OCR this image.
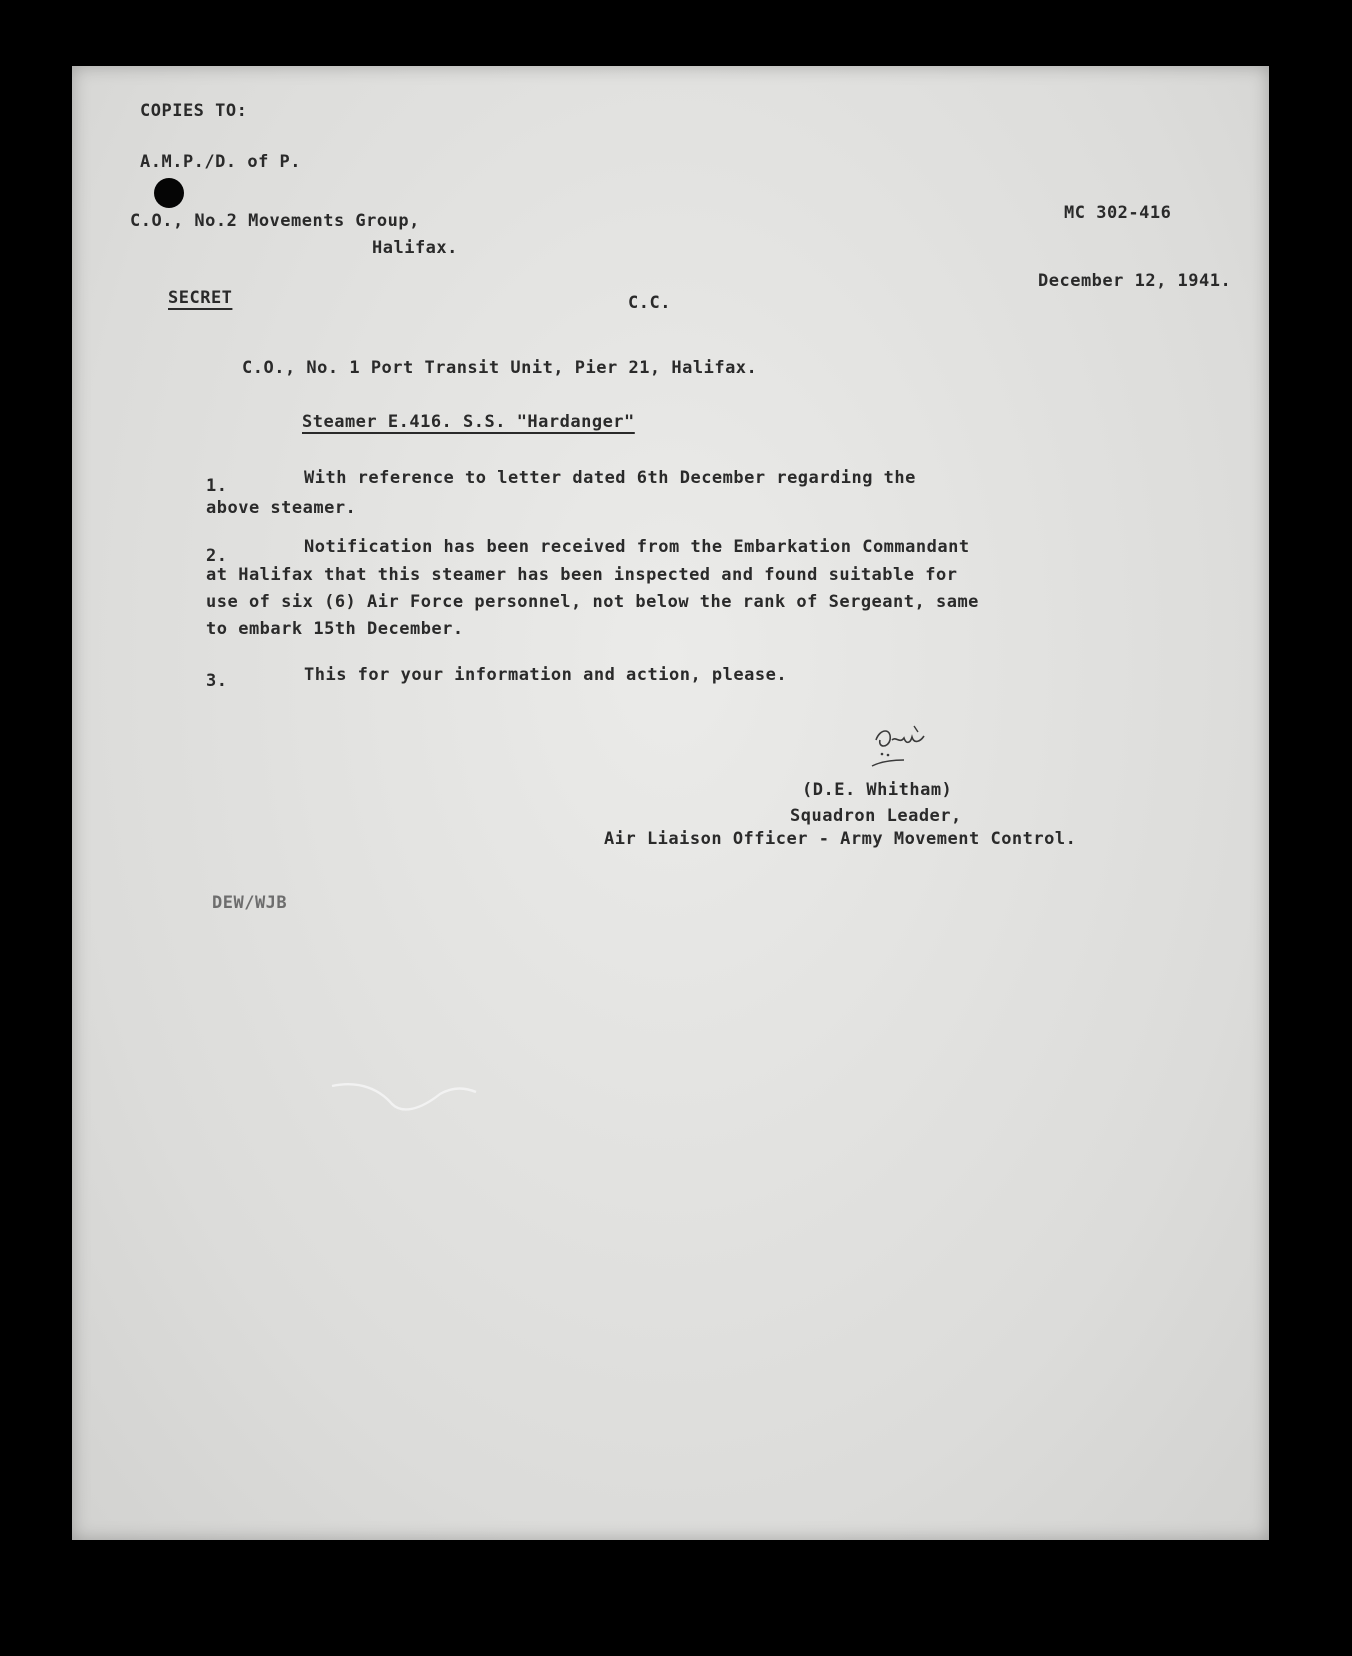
COPIES TO:
A.M.P./D. of P.
C.O., No.2 Movements Group,
Halifax.
MC 302-416
December 12, 1941.
SECRET	C.C.
C.O., No. 1 Port Transit Unit, Pier 21, Halifax.
Steamer E.416. S.S. "Hardanger"
1.	With reference to letter dated 6th December regarding the
above steamer.
2.	Notification has been received from the Embarkation Commandant
at Halifax that this steamer has been inspected and found suitable for
use of six (6) Air Force personnel, not below the rank of Sergeant, same
to embark 15th December.
3.	This for your information and action, please.
(D.E. Whitham)
Squadron Leader,
Air Liaison Officer - Army Movement Control.
DEW/WJB
